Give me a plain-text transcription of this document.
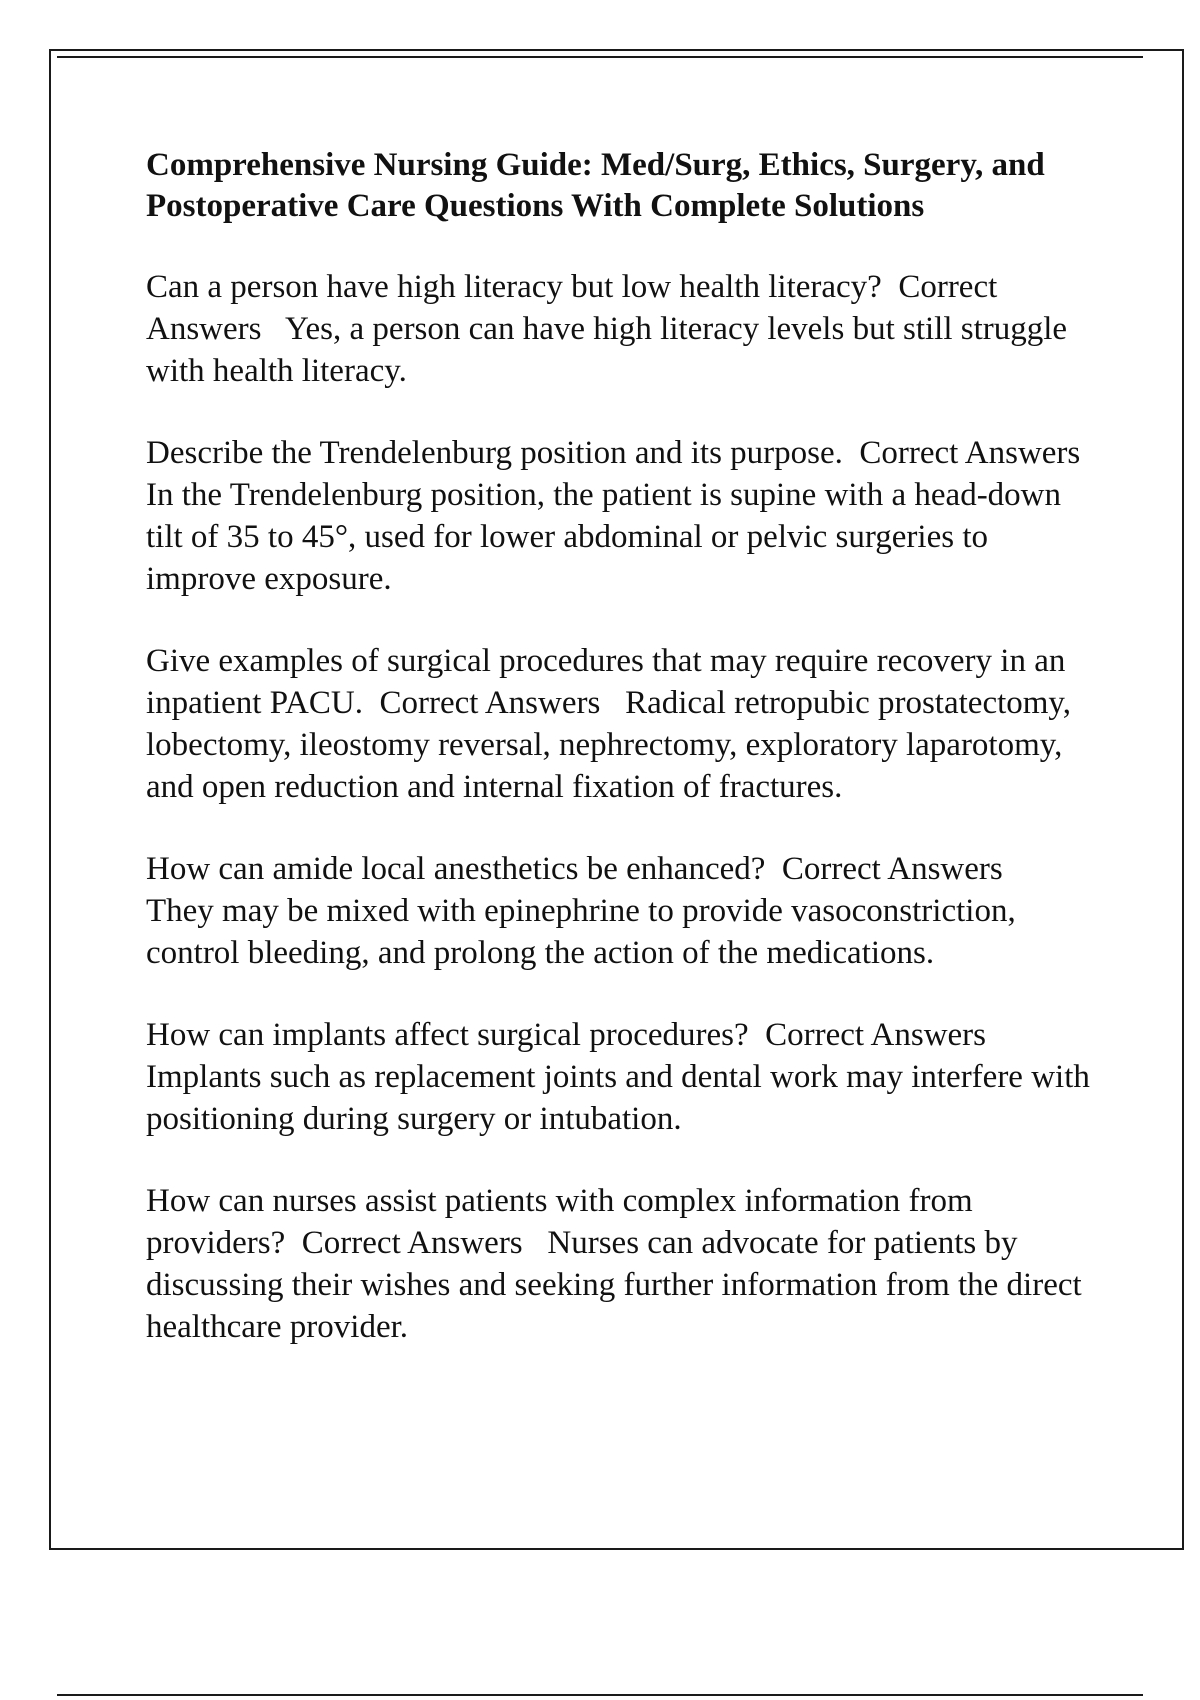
Comprehensive Nursing Guide: Med/Surg, Ethics, Surgery, and Postoperative Care Questions With Complete Solutions
Can a person have high literacy but low health literacy?  Correct Answers   Yes, a person can have high literacy levels but still struggle with health literacy.
Describe the Trendelenburg position and its purpose.  Correct Answers   In the Trendelenburg position, the patient is supine with a head-down tilt of 35 to 45°, used for lower abdominal or pelvic surgeries to improve exposure.
Give examples of surgical procedures that may require recovery in an inpatient PACU.  Correct Answers   Radical retropubic prostatectomy, lobectomy, ileostomy reversal, nephrectomy, exploratory laparotomy, and open reduction and internal fixation of fractures.
How can amide local anesthetics be enhanced?  Correct Answers   They may be mixed with epinephrine to provide vasoconstriction, control bleeding, and prolong the action of the medications.
How can implants affect surgical procedures?  Correct Answers   Implants such as replacement joints and dental work may interfere with positioning during surgery or intubation.
How can nurses assist patients with complex information from providers?  Correct Answers   Nurses can advocate for patients by discussing their wishes and seeking further information from the direct healthcare provider.
